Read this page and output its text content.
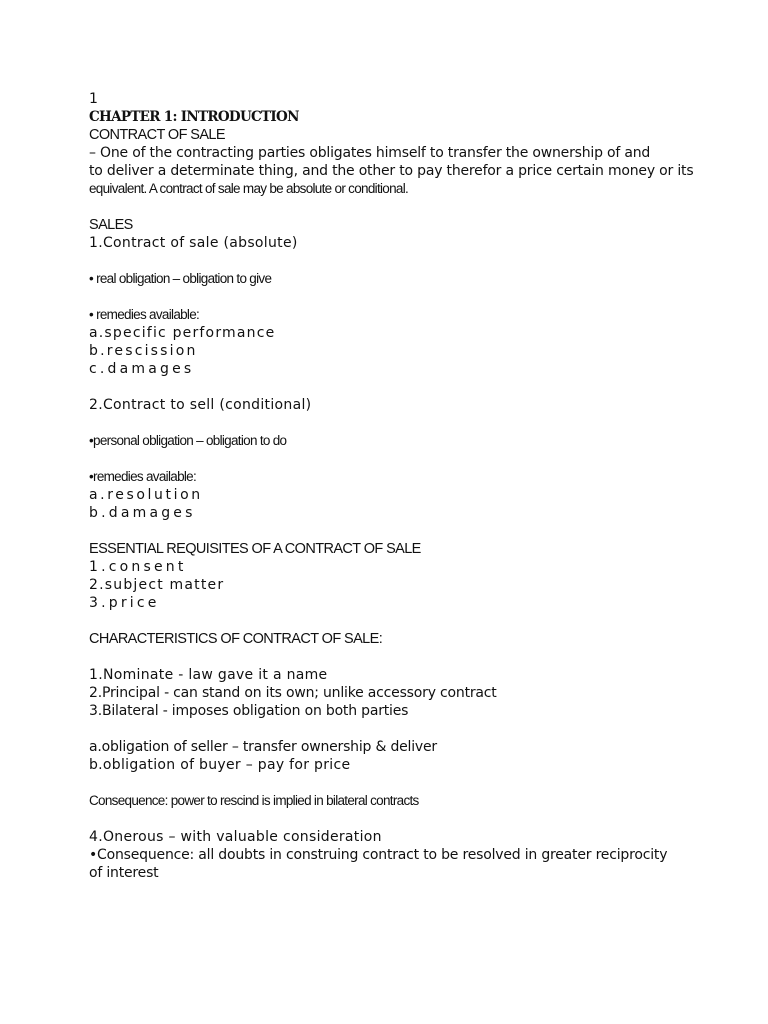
1
CHAPTER 1: INTRODUCTION
CONTRACT OF SALE
– One of the contracting parties obligates himself to transfer the ownership of and
to deliver a determinate thing, and the other to pay therefor a price certain money or its
equivalent. A contract of sale may be absolute or conditional.
SALES
1.Contract of sale (absolute)
• real obligation – obligation to give
• remedies available:
a.specific performance
b.rescission
c.damages
2.Contract to sell (conditional)
•personal obligation – obligation to do
•remedies available:
a.resolution
b.damages
ESSENTIAL REQUISITES OF A CONTRACT OF SALE
1.consent
2.subject matter
3.price
CHARACTERISTICS OF CONTRACT OF SALE:
1.Nominate - law gave it a name
2.Principal - can stand on its own; unlike accessory contract
3.Bilateral - imposes obligation on both parties
a.obligation of seller – transfer ownership & deliver
b.obligation of buyer – pay for price
Consequence: power to rescind is implied in bilateral contracts
4.Onerous – with valuable consideration
•Consequence: all doubts in construing contract to be resolved in greater reciprocity of interest
